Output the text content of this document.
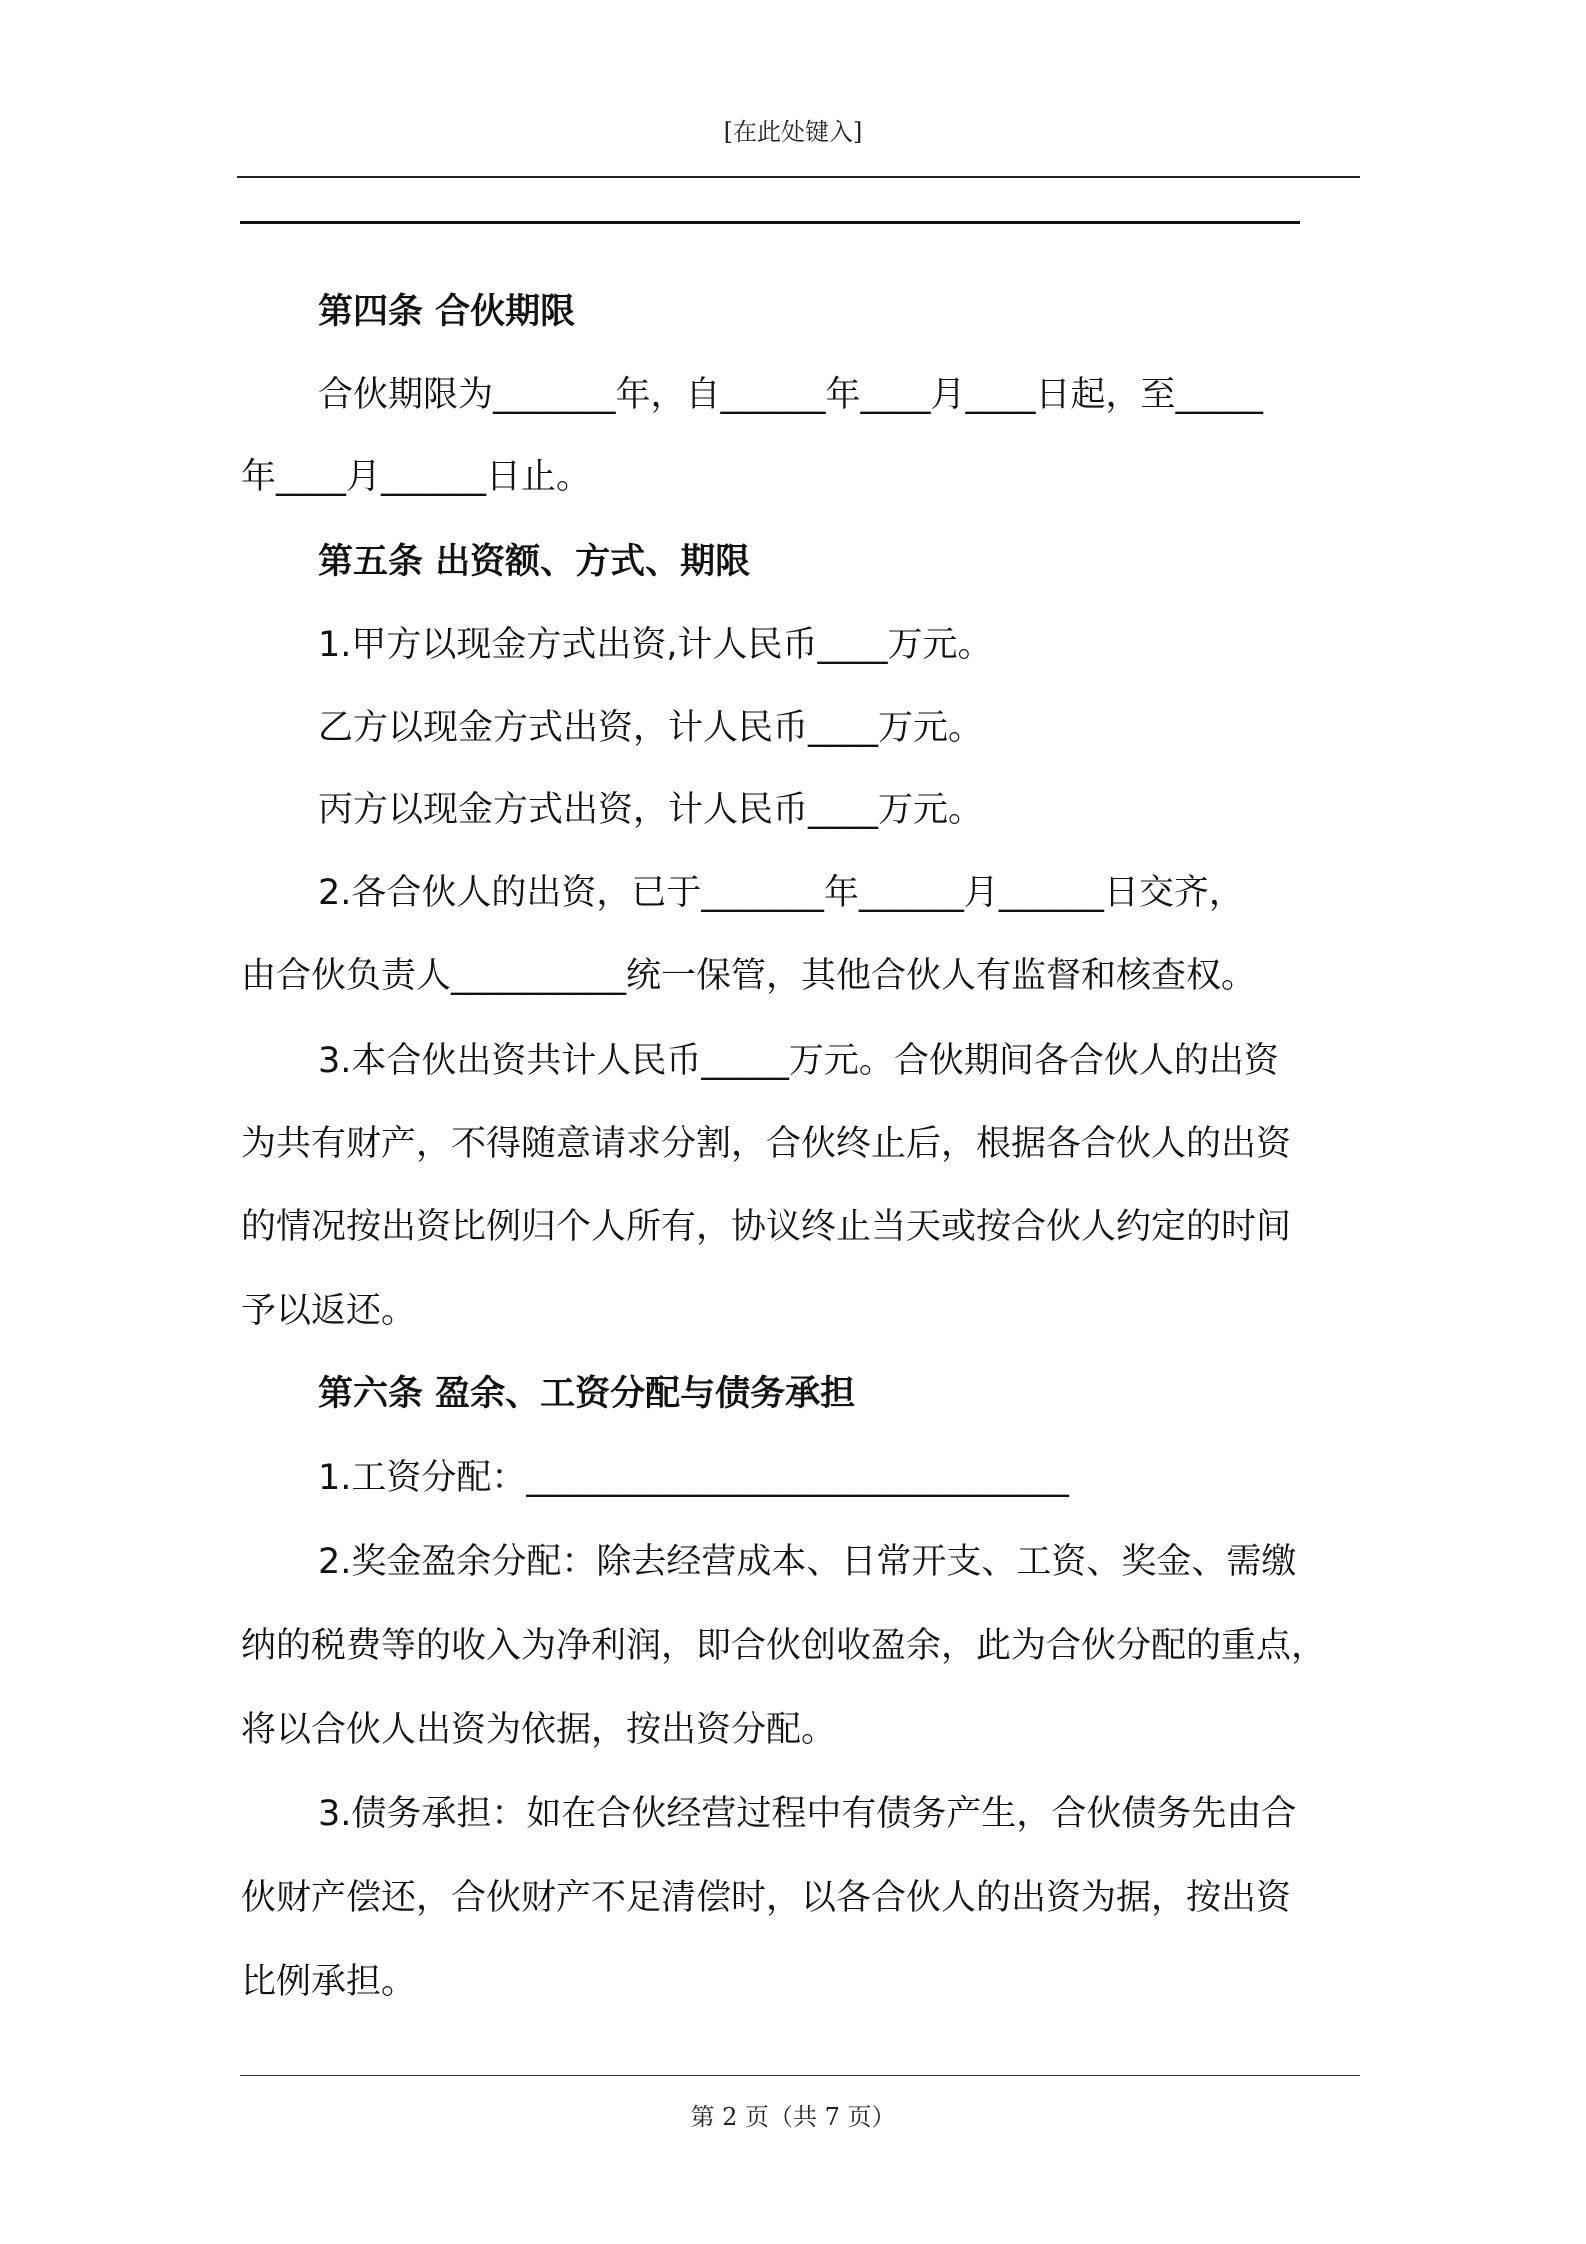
[在此处键入]
第四条 合伙期限
合伙期限为_______年，自______年____月____日起，至_____
年____月______日止。
第五条 出资额、方式、期限
1.甲方以现金方式出资,计人民币____万元。
乙方以现金方式出资，计人民币____万元。
丙方以现金方式出资，计人民币____万元。
2.各合伙人的出资，已于_______年______月______日交齐，
由合伙负责人__________统一保管，其他合伙人有监督和核查权。
3.本合伙出资共计人民币_____万元。合伙期间各合伙人的出资
为共有财产，不得随意请求分割，合伙终止后，根据各合伙人的出资
的情况按出资比例归个人所有，协议终止当天或按合伙人约定的时间
予以返还。
第六条 盈余、工资分配与债务承担
1.工资分配：_______________________________
2.奖金盈余分配：除去经营成本、日常开支、工资、奖金、需缴
纳的税费等的收入为净利润，即合伙创收盈余，此为合伙分配的重点，
将以合伙人出资为依据，按出资分配。
3.债务承担：如在合伙经营过程中有债务产生，合伙债务先由合
伙财产偿还，合伙财产不足清偿时，以各合伙人的出资为据，按出资
比例承担。
第 2 页（共 7 页）
